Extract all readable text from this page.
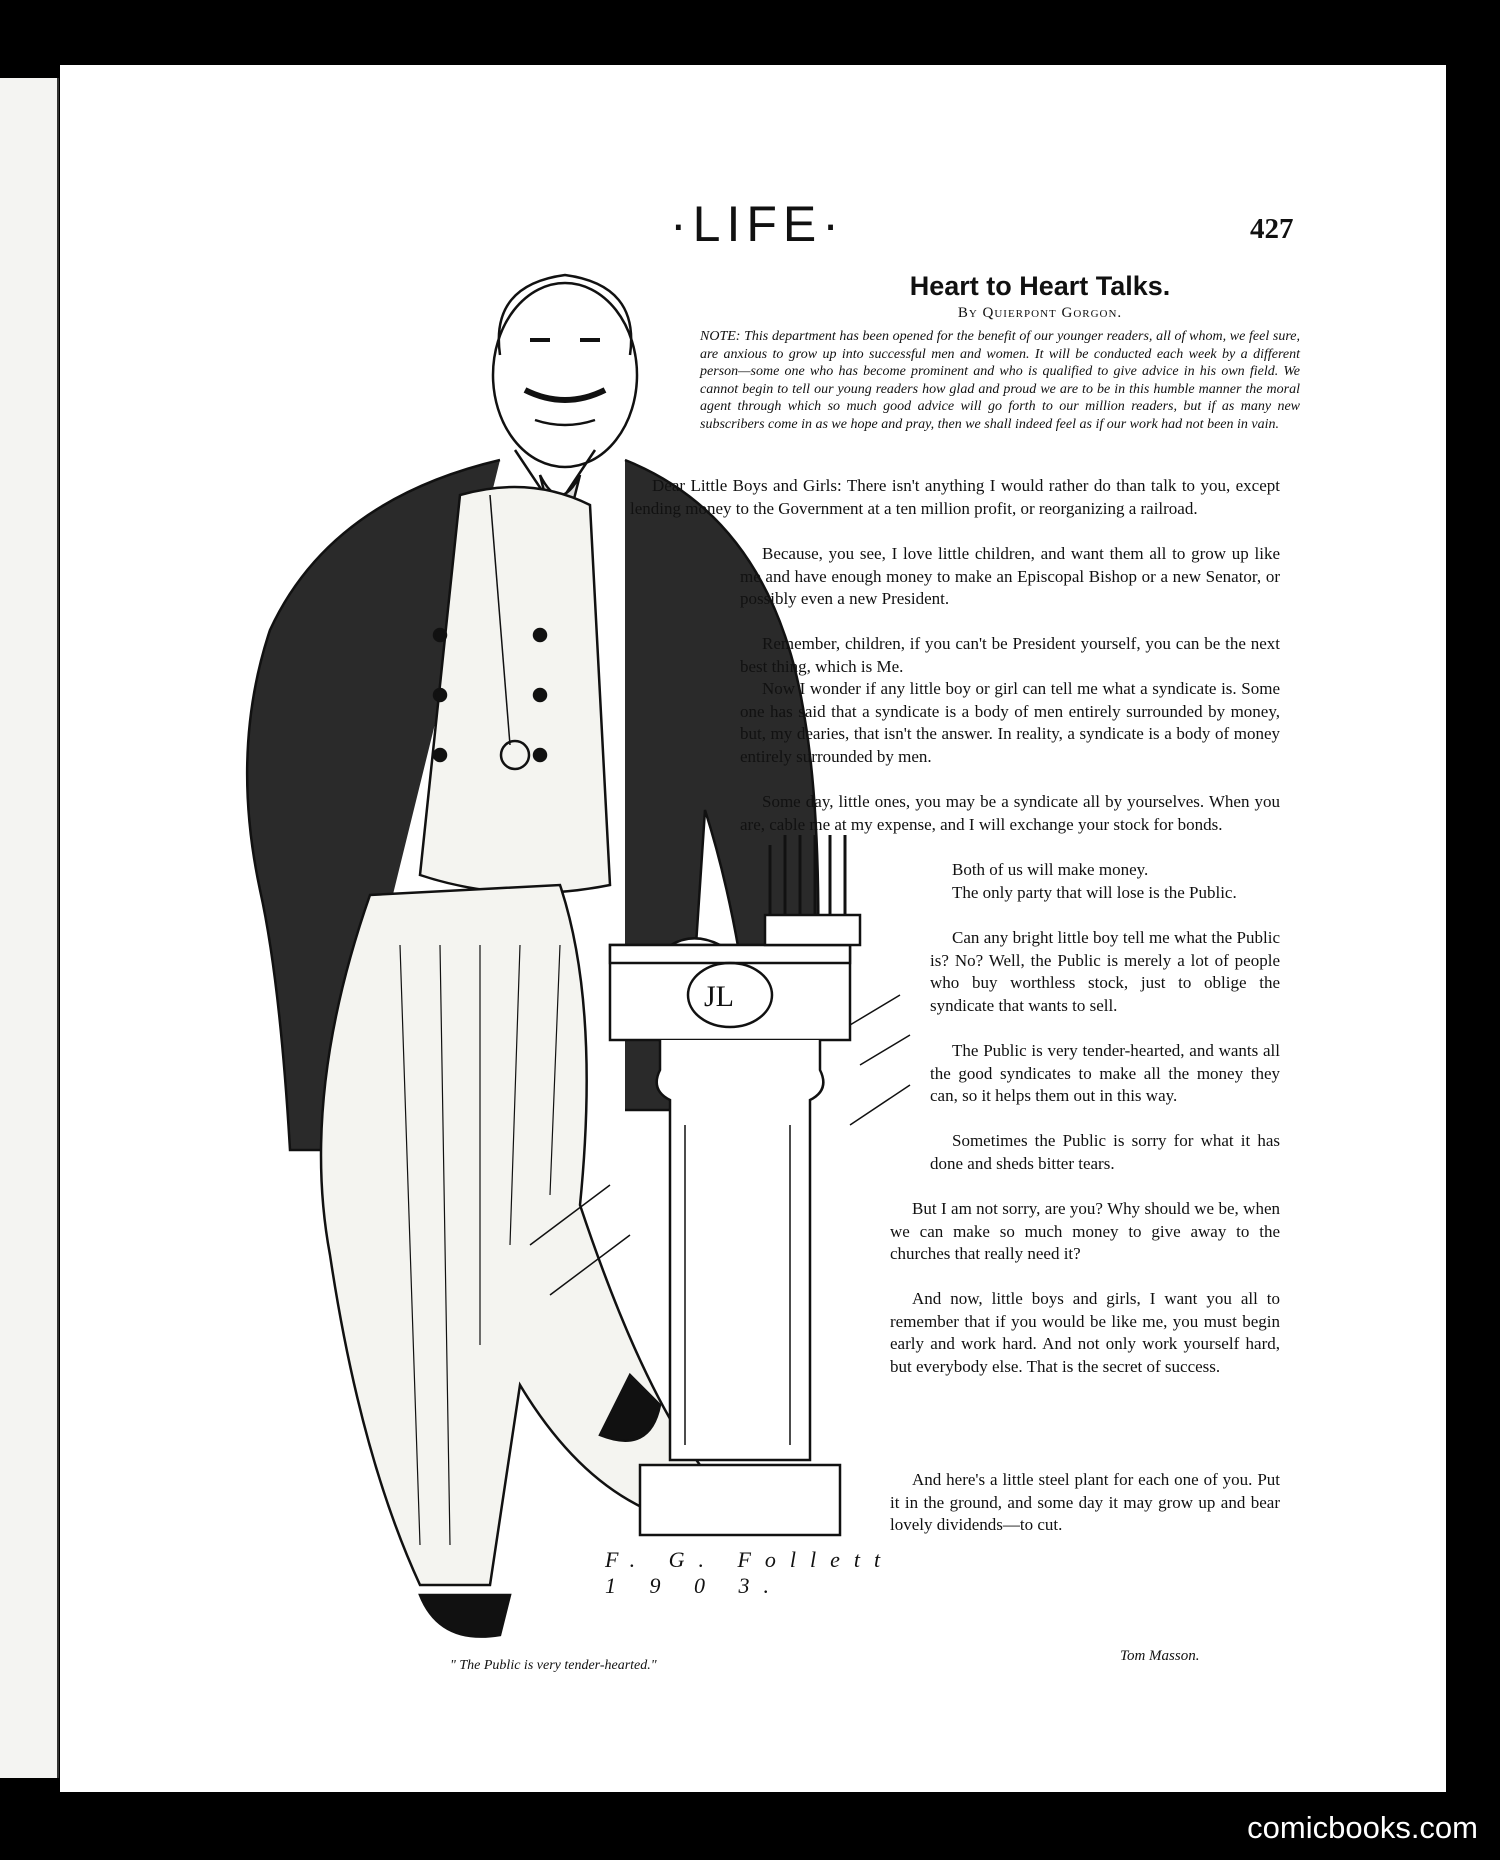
JL
·LIFE·	427
Heart to Heart Talks.
By Quierpont Gorgon.
NOTE: This department has been opened for the benefit of our younger readers, all of whom, we feel sure, are anxious to grow up into successful men and women. It will be conducted each week by a different person—some one who has become prominent and who is qualified to give advice in his own field. We cannot begin to tell our young readers how glad and proud we are to be in this humble manner the moral agent through which so much good advice will go forth to our million readers, but if as many new subscribers come in as we hope and pray, then we shall indeed feel as if our work had not been in vain.

Dear Little Boys and Girls: There isn't anything I would rather do than talk to you, except lending money to the Government at a ten million profit, or reorganizing a railroad.

Because, you see, I love little children, and want them all to grow up like me and have enough money to make an Episcopal Bishop or a new Senator, or possibly even a new President.

Remember, children, if you can't be President yourself, you can be the next best thing, which is Me.

Now I wonder if any little boy or girl can tell me what a syndicate is. Some one has said that a syndicate is a body of men entirely surrounded by money, but, my dearies, that isn't the answer. In reality, a syndicate is a body of money entirely surrounded by men.

Some day, little ones, you may be a syndicate all by yourselves. When you are, cable me at my expense, and I will exchange your stock for bonds.

Both of us will make money.

The only party that will lose is the Public.

Can any bright little boy tell me what the Public is? No? Well, the Public is merely a lot of people who buy worthless stock, just to oblige the syndicate that wants to sell.

The Public is very tender-hearted, and wants all the good syndicates to make all the money they can, so it helps them out in this way.

Sometimes the Public is sorry for what it has done and sheds bitter tears.

But I am not sorry, are you? Why should we be, when we can make so much money to give away to the churches that really need it?

And now, little boys and girls, I want you all to remember that if you would be like me, you must begin early and work hard. And not only work yourself hard, but everybody else. That is the secret of success.

And here's a little steel plant for each one of you. Put it in the ground, and some day it may grow up and bear lovely dividends—to cut.

Tom Masson.
F. G. Follett
1 9 0 3.
" The Public is very tender-hearted."
comicbooks.com
